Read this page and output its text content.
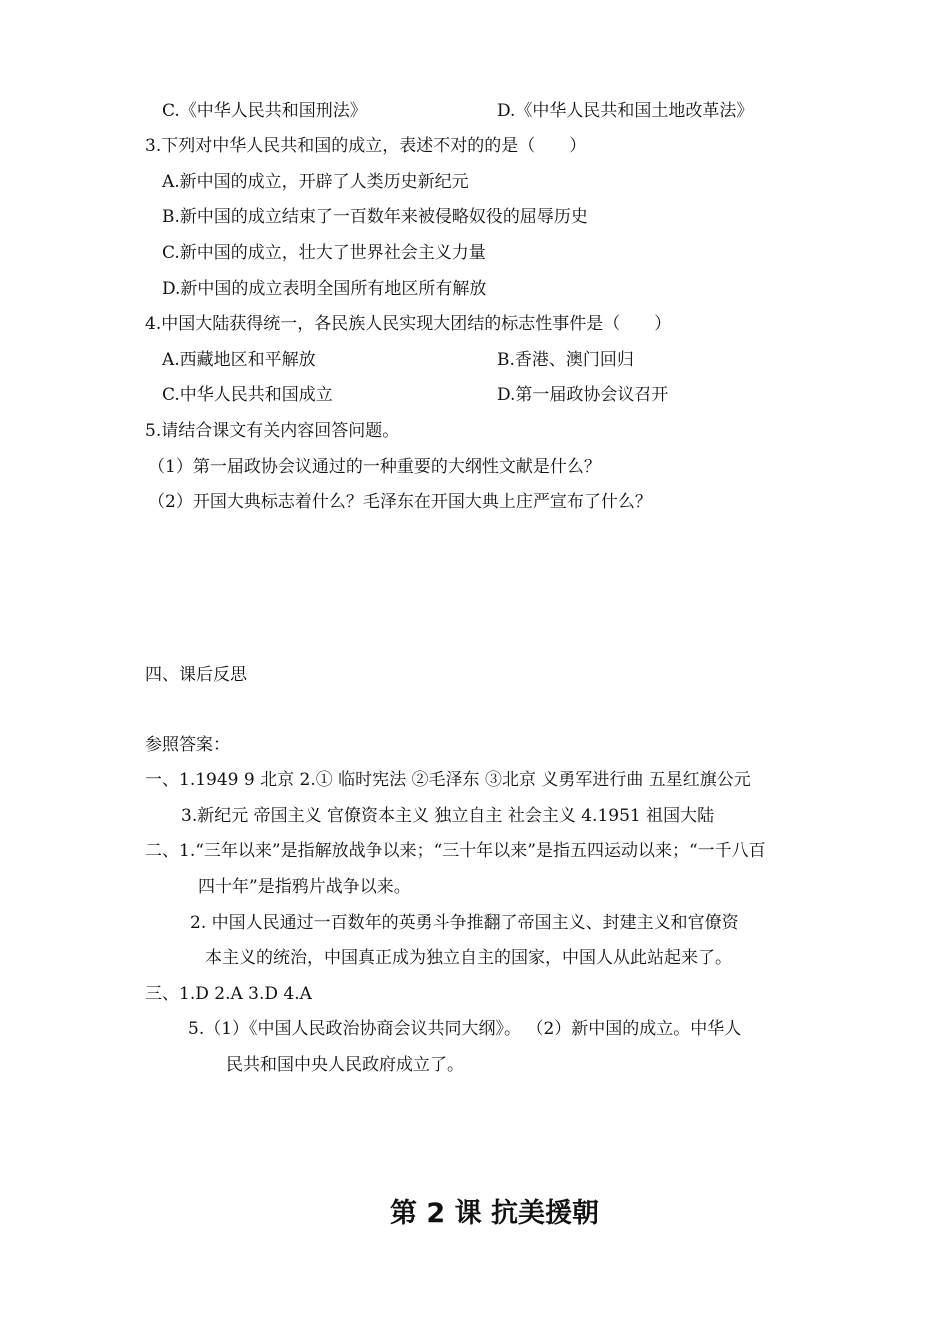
C.《中华人民共和国刑法》	D.《中华人民共和国土地改革法》
3.下列对中华人民共和国的成立，表述不对的的是（　　）
A.新中国的成立，开辟了人类历史新纪元
B.新中国的成立结束了一百数年来被侵略奴役的屈辱历史
C.新中国的成立，壮大了世界社会主义力量
D.新中国的成立表明全国所有地区所有解放
4.中国大陆获得统一，各民族人民实现大团结的标志性事件是（　　）
A.西藏地区和平解放	B.香港、澳门回归
C.中华人民共和国成立	D.第一届政协会议召开
5.请结合课文有关内容回答问题。
（1）第一届政协会议通过的一种重要的大纲性文献是什么？
（2）开国大典标志着什么？毛泽东在开国大典上庄严宣布了什么？
四、课后反思
参照答案：
一、1.1949 9 北京 2.① 临时宪法 ②毛泽东 ③北京 义勇军进行曲 五星红旗公元
3.新纪元 帝国主义 官僚资本主义 独立自主 社会主义 4.1951 祖国大陆
二、1.“三年以来”是指解放战争以来；“三十年以来”是指五四运动以来；“一千八百
四十年”是指鸦片战争以来。
2. 中国人民通过一百数年的英勇斗争推翻了帝国主义、封建主义和官僚资
本主义的统治，中国真正成为独立自主的国家，中国人从此站起来了。
三、1.D 2.A 3.D 4.A
5.（1）《中国人民政治协商会议共同大纲》。 （2）新中国的成立。中华人
民共和国中央人民政府成立了。
第 2 课 抗美援朝
